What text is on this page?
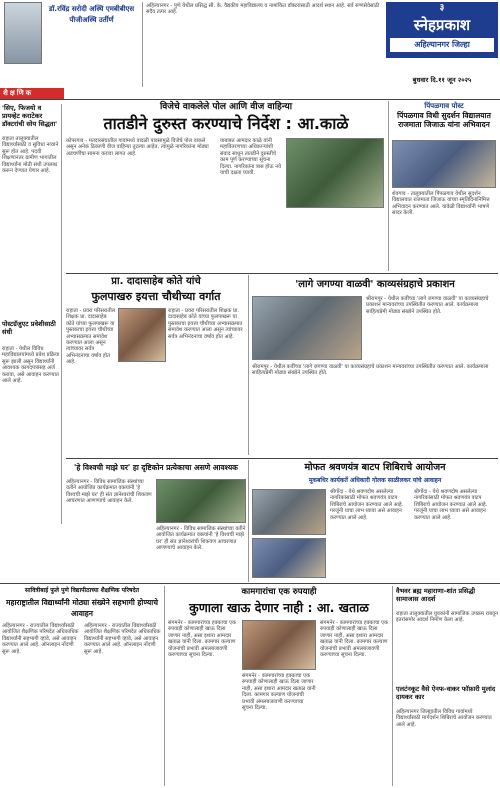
डॉ.रविंद्र सरोदी अस्थि एमबीबीएस पीजीअस्थि उर्तीर्ण
अहिल्यानगर - पुणे येथील प्रसिद्ध सी. के. वैद्यकीय महाविद्यालय व नामांकित डॉक्टरांसाठी आदर्श स्थान आहे. सर्व रुग्णसेवेसाठी सदैव तत्पर आहे.	३
स्नेहप्रकाश
अहिल्यानगर जिल्हा
बुधवार दि.११ जून २०२५
शै क्ष णि क
'सिए, फिजयो व प्रायव्हेट कराटेकर डॉक्टरांची सोय सिद्धता'
राहाता तालुक्यातील विद्यार्थ्यांसाठी व सुविधा नव्याने सुरू होत आहे. पदवी शिक्षणानंतर ग्रामीण भागातील विद्यार्थ्यांना मोठी संधी उपलब्ध करून देण्यात येणार आहे.
पोस्टग्रॅजुएट प्रवेशीसाठी संधी
राहाता - येथील विविध महाविद्यालयांमध्ये प्रवेश प्रक्रिया सुरू झाली असून विद्यार्थ्यांनी आवश्यक कागदपत्रांसह अर्ज करावा, असे आवाहन करण्यात आले आहे.
विजेचे वाकलेले पोल आणि वीज वाहिन्या
तातडीने दुरुस्त करण्याचे निर्देश : आ.काळे
कोपरगाव - मतदारसंघातील गावांमध्ये वादळी पावसामुळे विजेचे पोल वाकले असून अनेक ठिकाणी वीज वाहिन्या तुटल्या आहेत. त्यामुळे नागरिकांना मोठ्या अडचणींचा सामना करावा लागत आहे.
याबाबत आमदार काळे यांनी महावितरणच्या अधिकाऱ्यांशी संवाद साधून तातडीने दुरुस्तीचे काम पूर्ण करण्याच्या सूचना दिल्या. नागरिकांना त्रास होऊ नये याची दक्षता घ्यावी.
पिंपळगाव पोस्ट
पिंपळगाव विधी सुदर्शन विद्यालयात राजमाता जिजाऊ यांना अभिवादन
शेवगाव - तालुक्यातील पिंपळगाव येथील सुदर्शन विद्यालयात राजमाता जिजाऊ यांच्या स्मृतिदिनानिमित्त अभिवादन करण्यात आले. यावेळी विद्यार्थ्यांनी भाषणे सादर केली.
प्रा. दादासाहेब कोते यांचे
फुलपाखरु इयत्ता चौथीच्या वर्गात
राहाता - प्रवरा परिसरातील शिक्षक प्रा. दादासाहेब कोते यांच्या फुलपाखरू या पुस्तकाचा इयत्ता चौथीच्या अभ्यासक्रमात समावेश करण्यात आला असून त्यांच्यावर सर्वत्र अभिनंदनाचा वर्षाव होत आहे.
राहाता - प्रवरा परिसरातील शिक्षक प्रा. दादासाहेब कोते यांच्या फुलपाखरू या पुस्तकाचा इयत्ता चौथीच्या अभ्यासक्रमात समावेश करण्यात आला असून त्यांच्यावर सर्वत्र अभिनंदनाचा वर्षाव होत आहे.
'लागे जगण्या वाळवी' काव्यसंग्रहाचे प्रकाशन
श्रीरामपूर - येथील कवींच्या 'लागे जगण्या वाळवी' या काव्यसंग्रहाचे प्रकाशन मान्यवरांच्या उपस्थितीत करण्यात आले. कार्यक्रमाला साहित्यप्रेमी मोठ्या संख्येने उपस्थित होते.
श्रीरामपूर - येथील कवींच्या 'लागे जगण्या वाळवी' या काव्यसंग्रहाचे प्रकाशन मान्यवरांच्या उपस्थितीत करण्यात आले. कार्यक्रमाला साहित्यप्रेमी मोठ्या संख्येने उपस्थित होते.
'हे विश्वची माझे घर' हा दृष्टिकोन प्रत्येकाचा असणे आवश्यक
अहिल्यानगर - विविध सामाजिक संस्थांच्या वतीने आयोजित कार्यक्रमात वक्त्यांनी 'हे विश्वची माझे घर' ही संत ज्ञानेश्वरांची शिकवण आचरणात आणण्याचे आवाहन केले.
अहिल्यानगर - विविध सामाजिक संस्थांच्या वतीने आयोजित कार्यक्रमात वक्त्यांनी 'हे विश्वची माझे घर' ही संत ज्ञानेश्वरांची शिकवण आचरणात आणण्याचे आवाहन केले.
मोफत श्रवणयंत्र बाटप शिबिराचे आयोजन
मूकबधिर कार्यकर्ते अधिकारी गोलक साळीलकर यांचे आवाहन
श्रीगोंदा - येथे श्रवणदोष असलेल्या नागरिकांसाठी मोफत श्रवणयंत्र वाटप शिबिराचे आयोजन करण्यात आले आहे. गरजूंनी याचा लाभ घ्यावा असे आवाहन करण्यात आले आहे.
श्रीगोंदा - येथे श्रवणदोष असलेल्या नागरिकांसाठी मोफत श्रवणयंत्र वाटप शिबिराचे आयोजन करण्यात आले आहे. गरजूंनी याचा लाभ घ्यावा असे आवाहन करण्यात आले आहे.
सावित्रीबाई फुले पुणे विद्यापीठाच्या शैक्षणिक परिषदेत
महाराष्ट्रातील विद्यार्थ्यांनी मोठ्या संख्येने सहभागी होण्याचे आवाहन
अहिल्यानगर - राज्यातील विद्यार्थ्यांसाठी आयोजित शैक्षणिक परिषदेत अधिकाधिक विद्यार्थ्यांनी सहभागी व्हावे, असे आवाहन करण्यात आले आहे. ऑनलाइन नोंदणी सुरू आहे.
अहिल्यानगर - राज्यातील विद्यार्थ्यांसाठी आयोजित शैक्षणिक परिषदेत अधिकाधिक विद्यार्थ्यांनी सहभागी व्हावे, असे आवाहन करण्यात आले आहे. ऑनलाइन नोंदणी सुरू आहे.
कामगारांचा एक रुपयाही
कुणाला खाऊ देणार नाही : आ. खताळ
संगमनेर - कामगारांच्या हक्काचा एक रुपयाही कोणालाही खाऊ दिला जाणार नाही, असा इशारा आमदार खताळ यांनी दिला. कामगार कल्याण योजनांची प्रभावी अंमलबजावणी करण्याच्या सूचना दिल्या.
संगमनेर - कामगारांच्या हक्काचा एक रुपयाही कोणालाही खाऊ दिला जाणार नाही, असा इशारा आमदार खताळ यांनी दिला. कामगार कल्याण योजनांची प्रभावी अंमलबजावणी करण्याच्या सूचना दिल्या.
संगमनेर - कामगारांच्या हक्काचा एक रुपयाही कोणालाही खाऊ दिला जाणार नाही, असा इशारा आमदार खताळ यांनी दिला. कामगार कल्याण योजनांची प्रभावी अंमलबजावणी करण्याच्या सूचना दिल्या.
वैभवर ब्रह्म महाराणा-शांत प्रसिद्धी सामाजास आदर्श
राहाता तालुक्यातील युवकांनी सामाजिक उपक्रम राबवून इतरांसमोर आदर्श निर्माण केला आहे.
एलटंनकूट वैसे ऐनफ-वाकर फॉफ़ारी मुलांद दायकर कार
अहिल्यानगर जिल्ह्यातील विविध गावांमध्ये विद्यार्थ्यांसाठी मार्गदर्शन शिबिराचे आयोजन करण्यात आले आहे.
